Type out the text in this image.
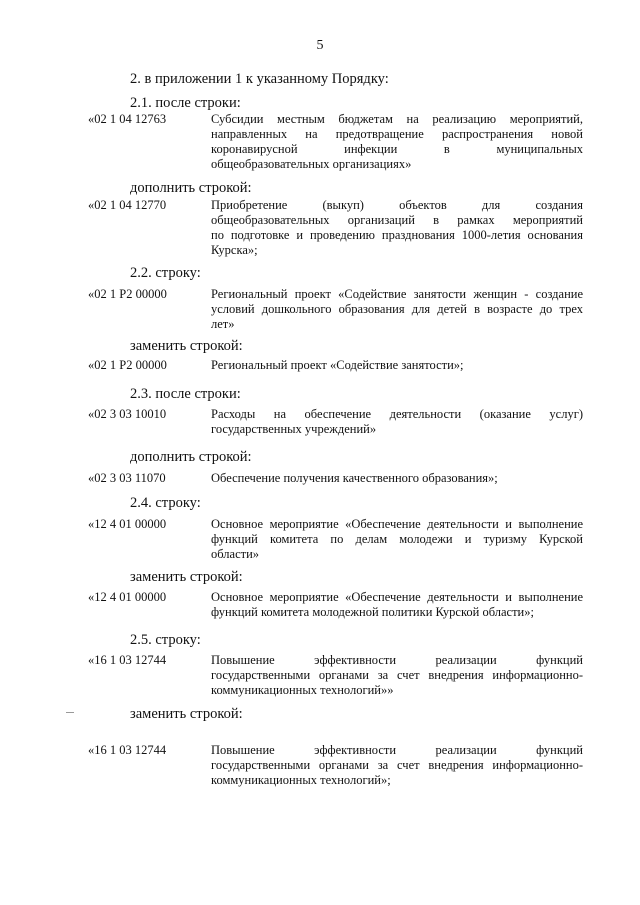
5
2. в приложении 1 к указанному Порядку:
2.1. после строки:
«02 1 04 12763	Субсидии местным бюджетам на реализацию мероприятий,
направленных на предотвращение распространения новой
коронавирусной инфекции в муниципальных
общеобразовательных организациях»
дополнить строкой:
«02 1 04 12770	Приобретение (выкуп) объектов для создания
общеобразовательных организаций в рамках мероприятий
по подготовке и проведению празднования 1000-летия основания
Курска»;
2.2. строку:
«02 1 Р2 00000	Региональный проект «Содействие занятости женщин - создание
условий дошкольного образования для детей в возрасте до трех
лет»
заменить строкой:
«02 1 Р2 00000	Региональный проект «Содействие занятости»;
2.3. после строки:
«02 3 03 10010	Расходы на обеспечение деятельности (оказание услуг)
государственных учреждений»
дополнить строкой:
«02 3 03 11070	Обеспечение получения качественного образования»;
2.4. строку:
«12 4 01 00000	Основное мероприятие «Обеспечение деятельности и выполнение
функций комитета по делам молодежи и туризму Курской
области»
заменить строкой:
«12 4 01 00000	Основное мероприятие «Обеспечение деятельности и выполнение
функций комитета молодежной политики Курской области»;
2.5. строку:
«16 1 03 12744	Повышение эффективности реализации функций
государственными органами за счет внедрения информационно-
коммуникационных технологий»»
заменить строкой:
«16 1 03 12744	Повышение эффективности реализации функций
государственными органами за счет внедрения информационно-
коммуникационных технологий»;
